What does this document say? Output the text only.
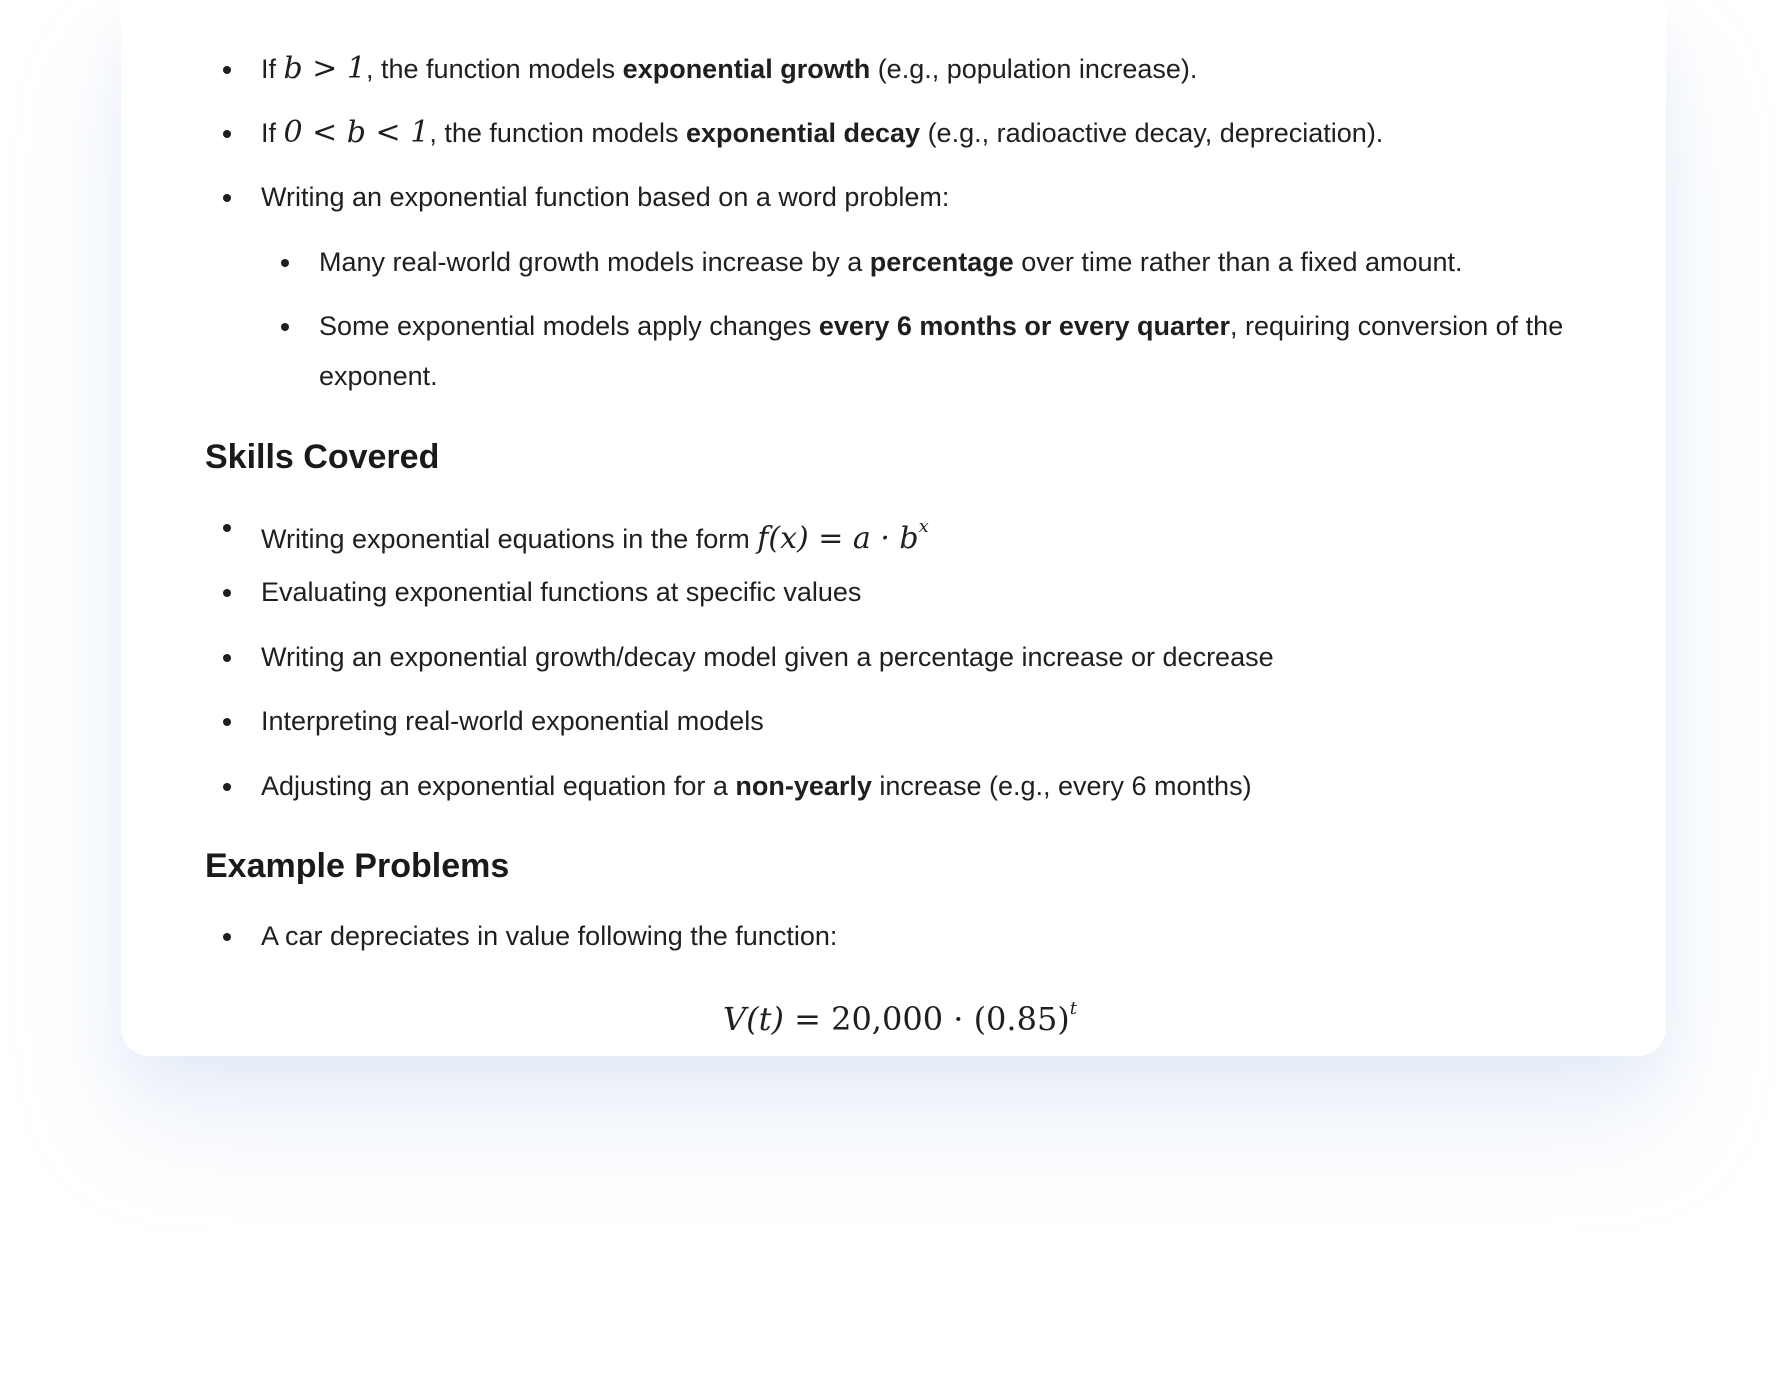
If b > 1, the function models exponential growth (e.g., population increase).
If 0 < b < 1, the function models exponential decay (e.g., radioactive decay, depreciation).
Writing an exponential function based on a word problem:
Many real-world growth models increase by a percentage over time rather than a fixed amount.
Some exponential models apply changes every 6 months or every quarter, requiring conversion of the exponent.
Skills Covered
Writing exponential equations in the form $f(x) = a \cdot b^x$
Evaluating exponential functions at specific values
Writing an exponential growth/decay model given a percentage increase or decrease
Interpreting real-world exponential models
Adjusting an exponential equation for a non-yearly increase (e.g., every 6 months)
Example Problems
A car depreciates in value following the function:
$V(t) = 20,000 \cdot (0.85)^t$
